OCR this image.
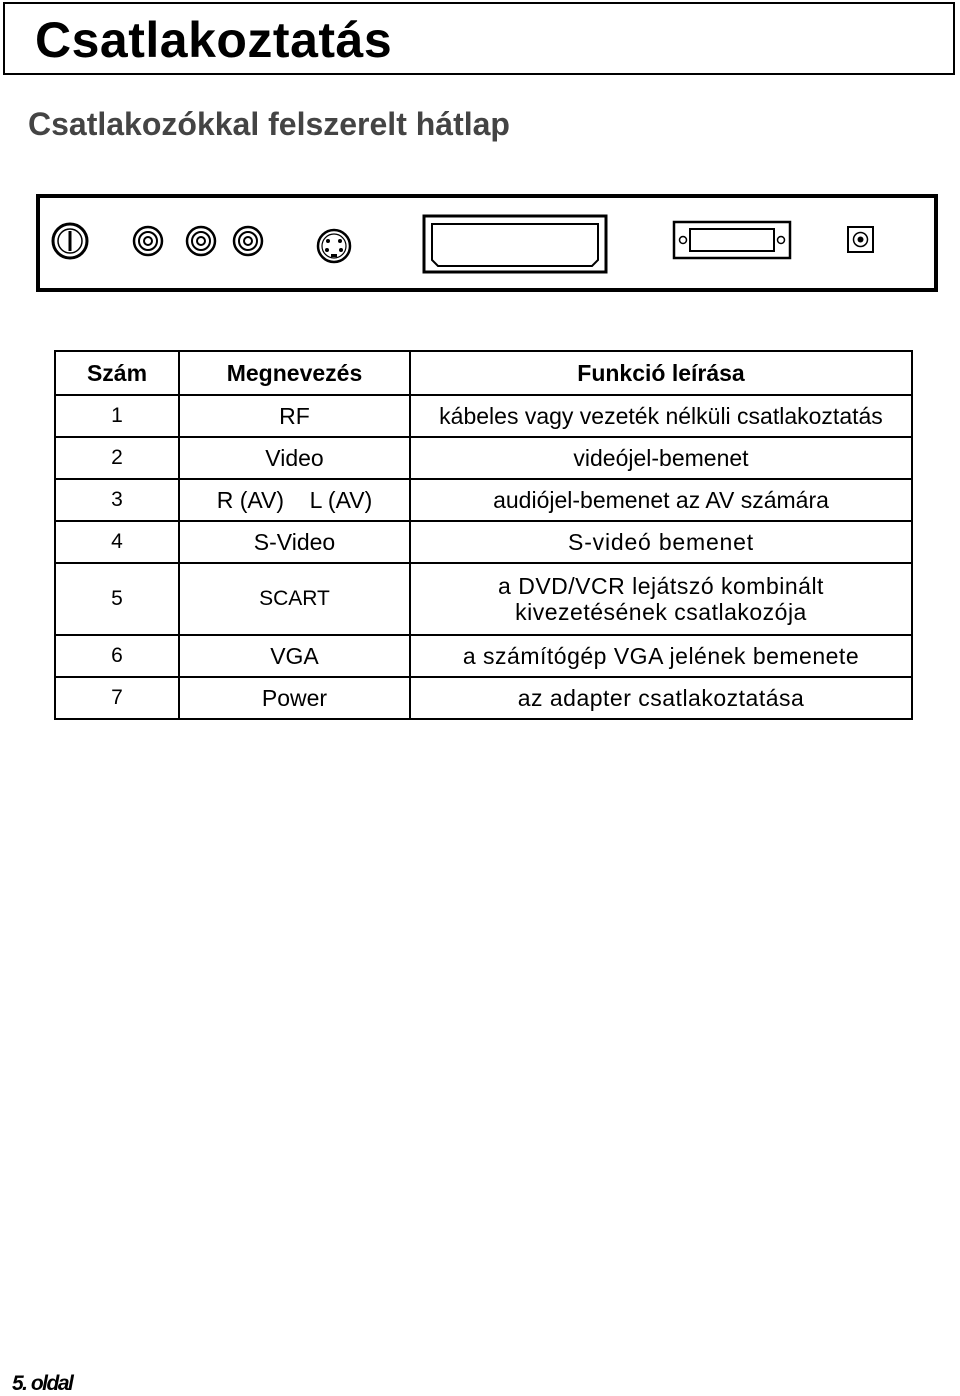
Csatlakoztatás
Csatlakozókkal felszerelt hátlap
Szám	Megnevezés	Funkció leírása
1	RF	kábeles vagy vezeték nélküli csatlakoztatás

2	Video	videójel-bemenet

3	R (AV)    L (AV)	audiójel-bemenet az AV számára

4	S-Video	S-videó bemenet

5	SCART	a DVD/VCR lejátszó kombinált
kivezetésének csatlakozója

6	VGA	a számítógép VGA jelének bemenete

7	Power	az adapter csatlakoztatása

5. oldal
